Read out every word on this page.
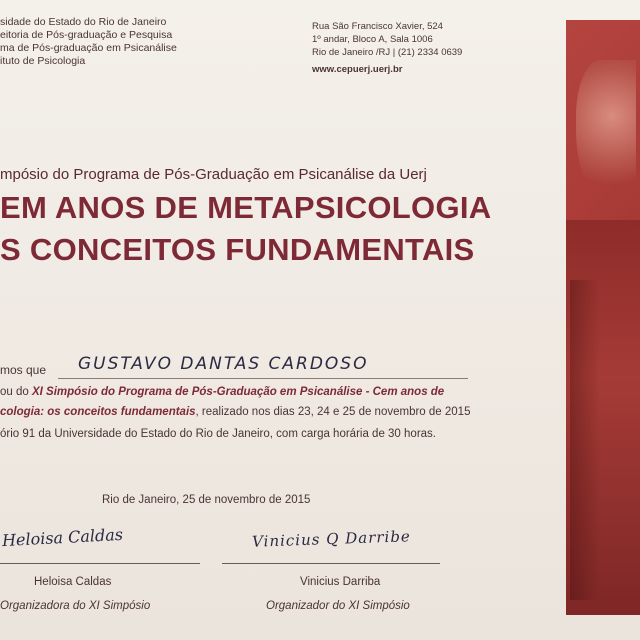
sidade do Estado do Rio de Janeiro
eitoria de Pós-graduação e Pesquisa
ma de Pós-graduação em Psicanálise
ituto de Psicologia
Rua São Francisco Xavier, 524
1º andar, Bloco A, Sala 1006
Rio de Janeiro /RJ | (21) 2334 0639
www.cepuerj.uerj.br
mpósio do Programa de Pós-Graduação em Psicanálise da Uerj
EM ANOS DE METAPSICOLOGIA
S CONCEITOS FUNDAMENTAIS
mos que GUSTAVO DANTAS CARDOSO
ou do XI Simpósio do Programa de Pós-Graduação em Psicanálise - Cem anos de
cologia: os conceitos fundamentais, realizado nos dias 23, 24 e 25 de novembro de 2015
ório 91 da Universidade do Estado do Rio de Janeiro, com carga horária de 30 horas.
Rio de Janeiro, 25 de novembro de 2015
Heloisa Caldas	Vinicius Q Darribe
Heloisa Caldas	Vinicius Darriba
Organizadora do XI Simpósio	Organizador do XI Simpósio
